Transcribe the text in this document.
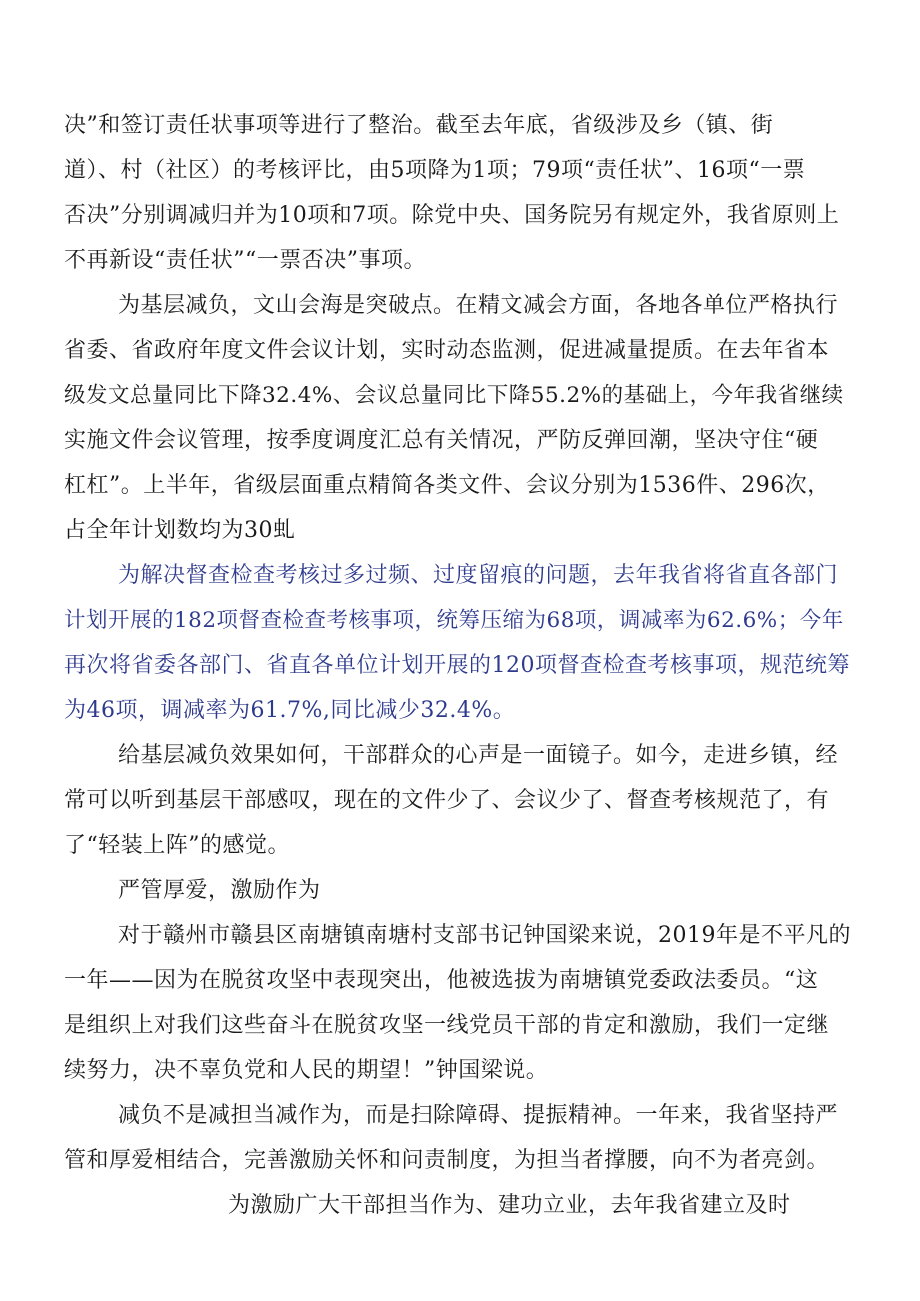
决”和签订责任状事项等进行了整治。截至去年底，省级涉及乡（镇、街
道）、村（社区）的考核评比，由5项降为1项；79项“责任状”、16项“一票
否决”分别调减归并为10项和7项。除党中央、国务院另有规定外，我省原则上
不再新设“责任状”“一票否决”事项。
为基层减负，文山会海是突破点。在精文减会方面，各地各单位严格执行
省委、省政府年度文件会议计划，实时动态监测，促进减量提质。在去年省本
级发文总量同比下降32.4%、会议总量同比下降55.2%的基础上，今年我省继续
实施文件会议管理，按季度调度汇总有关情况，严防反弹回潮，坚决守住“硬
杠杠”。上半年，省级层面重点精简各类文件、会议分别为1536件、296次，
占全年计划数均为30虬
为解决督查检查考核过多过频、过度留痕的问题，去年我省将省直各部门
计划开展的182项督查检查考核事项，统筹压缩为68项，调减率为62.6%；今年
再次将省委各部门、省直各单位计划开展的120项督查检查考核事项，规范统筹
为46项，调减率为61.7%,同比减少32.4%。
给基层减负效果如何，干部群众的心声是一面镜子。如今，走进乡镇，经
常可以听到基层干部感叹，现在的文件少了、会议少了、督查考核规范了，有
了“轻装上阵”的感觉。
严管厚爱，激励作为
对于赣州市赣县区南塘镇南塘村支部书记钟国梁来说，2019年是不平凡的
一年——因为在脱贫攻坚中表现突出，他被选拔为南塘镇党委政法委员。“这
是组织上对我们这些奋斗在脱贫攻坚一线党员干部的肯定和激励，我们一定继
续努力，决不辜负党和人民的期望！”钟国梁说。
减负不是减担当减作为，而是扫除障碍、提振精神。一年来，我省坚持严
管和厚爱相结合，完善激励关怀和问责制度，为担当者撑腰，向不为者亮剑。
为激励广大干部担当作为、建功立业，去年我省建立及时
